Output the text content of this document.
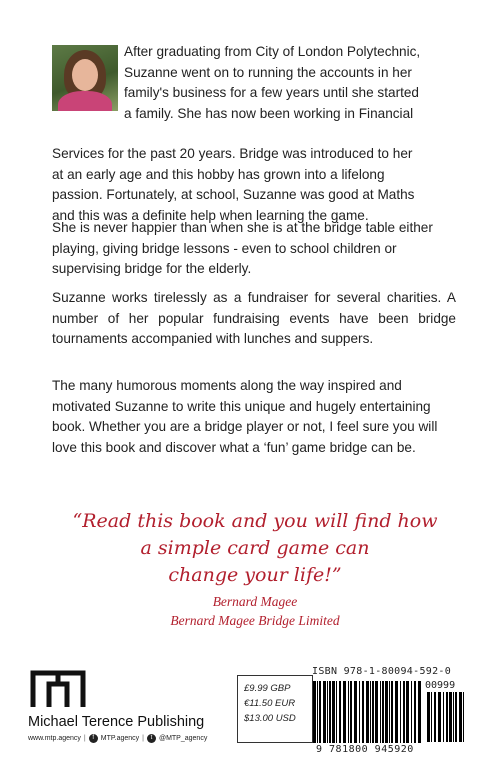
After graduating from City of London Polytechnic,
Suzanne went on to running the accounts in her
family's business for a few years until she started
a family. She has now been working in Financial

Services for the past 20 years. Bridge was introduced to her
at an early age and this hobby has grown into a lifelong
passion. Fortunately, at school, Suzanne was good at Maths
and this was a definite help when learning the game.

She is never happier than when she is at the bridge table either playing, giving bridge lessons - even to school children or supervising bridge for the elderly.

Suzanne works tirelessly as a fundraiser for several charities. A number of her popular fundraising events have been bridge tournaments accompanied with lunches and suppers.

The many humorous moments along the way inspired and motivated Suzanne to write this unique and hugely entertaining book. Whether you are a bridge player or not, I feel sure you will love this book and discover what a ‘fun’ game bridge can be.

“Read this book and you will find how
a simple card game can
change your life!”
Bernard Magee
Bernard Magee Bridge Limited
Michael Terence Publishing
www.mtp.agency |	f MTP.agency |	t @MTP_agency
£9.99 GBP
€11.50 EUR
$13.00 USD
ISBN 978-1-80094-592-0
00999
9 781800 945920
